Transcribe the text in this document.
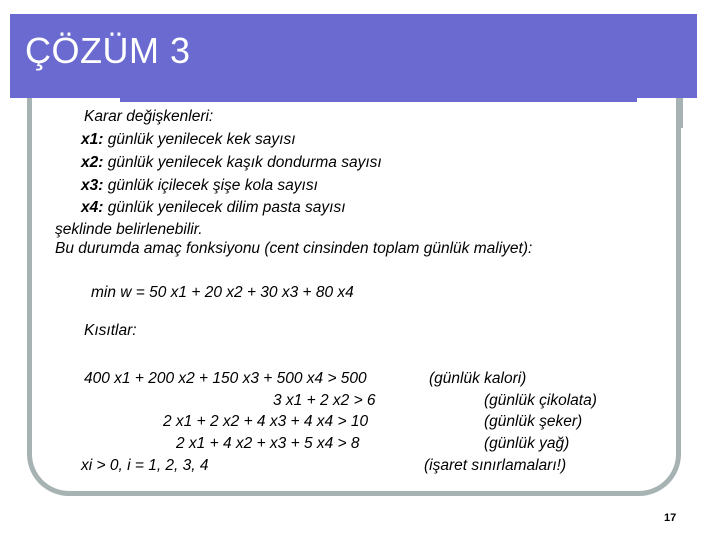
ÇÖZÜM 3
Karar değişkenleri:
x1: günlük yenilecek kek sayısı
x2: günlük yenilecek kaşık dondurma sayısı
x3: günlük içilecek şişe kola sayısı
x4: günlük yenilecek dilim pasta sayısı
şeklinde belirlenebilir.
Bu durumda amaç fonksiyonu (cent cinsinden toplam günlük maliyet):
min w = 50 x1 + 20 x2 + 30 x3 + 80 x4
Kısıtlar:
400 x1 + 200 x2 + 150 x3 + 500 x4 > 500	(günlük kalori)
3 x1 + 2 x2 > 6	(günlük çikolata)
2 x1 + 2 x2 + 4 x3 + 4 x4 > 10	(günlük şeker)
2 x1 + 4 x2 + x3 + 5 x4 > 8	(günlük yağ)
xi > 0, i = 1, 2, 3, 4	(işaret sınırlamaları!)
17
